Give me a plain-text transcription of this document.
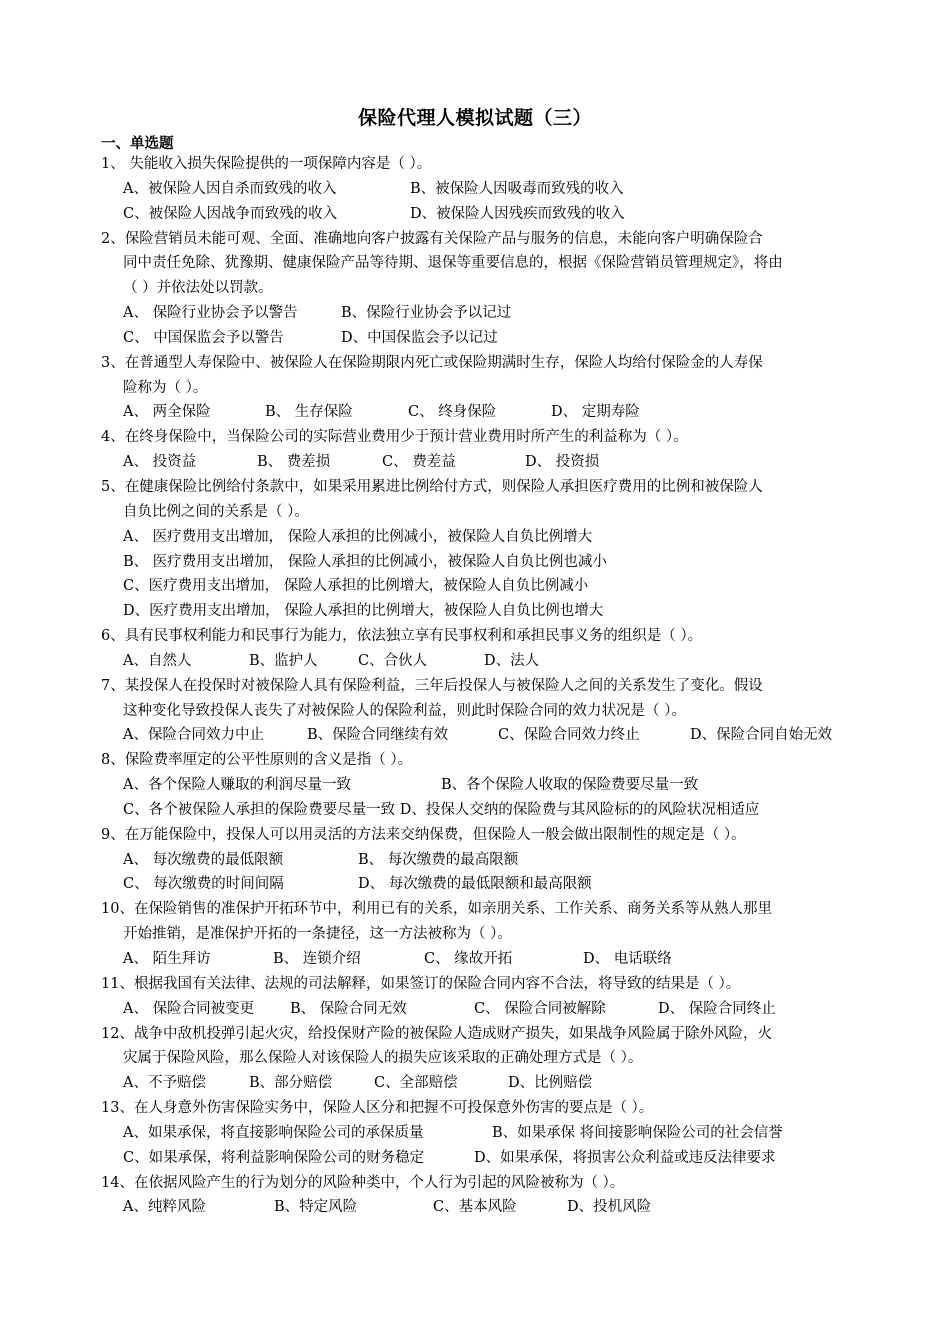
保险代理人模拟试题（三）
一、单选题
1、 失能收入损失保险提供的一项保障内容是（ ）。
A、被保险人因自杀而致残的收入	B、被保险人因吸毒而致残的收入
C、被保险人因战争而致残的收入	D、被保险人因残疾而致残的收入
2、保险营销员未能可观、全面、准确地向客户披露有关保险产品与服务的信息，未能向客户明确保险合
同中责任免除、犹豫期、健康保险产品等待期、退保等重要信息的，根据《保险营销员管理规定》，将由
（ ）并依法处以罚款。
A、 保险行业协会予以警告	B、保险行业协会予以记过
C、 中国保监会予以警告	D、中国保监会予以记过
3、在普通型人寿保险中、被保险人在保险期限内死亡或保险期满时生存，保险人均给付保险金的人寿保
险称为（ ）。
A、 两全保险	B、 生存保险	C、 终身保险	D、 定期寿险
4、在终身保险中，当保险公司的实际营业费用少于预计营业费用时所产生的利益称为（ ）。
A、 投资益	B、 费差损	C、 费差益	D、 投资损
5、在健康保险比例给付条款中，如果采用累进比例给付方式，则保险人承担医疗费用的比例和被保险人
自负比例之间的关系是（ ）。
A、 医疗费用支出增加， 保险人承担的比例减小，被保险人自负比例增大
B、 医疗费用支出增加， 保险人承担的比例减小，被保险人自负比例也减小
C、医疗费用支出增加， 保险人承担的比例增大，被保险人自负比例减小
D、医疗费用支出增加， 保险人承担的比例增大，被保险人自负比例也增大
6、具有民事权利能力和民事行为能力，依法独立享有民事权利和承担民事义务的组织是（ ）。
A、自然人	B、监护人	C、合伙人	D、法人
7、某投保人在投保时对被保险人具有保险利益，三年后投保人与被保险人之间的关系发生了变化。假设
这种变化导致投保人丧失了对被保险人的保险利益，则此时保险合同的效力状况是（ ）。
A、保险合同效力中止	B、保险合同继续有效	C、保险合同效力终止	D、保险合同自始无效
8、保险费率厘定的公平性原则的含义是指（ ）。
A、各个保险人赚取的利润尽量一致	B、各个保险人收取的保险费要尽量一致
C、各个被保险人承担的保险费要尽量一致 D、投保人交纳的保险费与其风险标的的风险状况相适应
9、在万能保险中，投保人可以用灵活的方法来交纳保费，但保险人一般会做出限制性的规定是（ ）。
A、 每次缴费的最低限额	B、 每次缴费的最高限额
C、 每次缴费的时间间隔	D、 每次缴费的最低限额和最高限额
10、在保险销售的准保护开拓环节中，利用已有的关系，如亲朋关系、工作关系、商务关系等从熟人那里
开始推销，是准保护开拓的一条捷径，这一方法被称为（ ）。
A、 陌生拜访	B、 连锁介绍	C、 缘故开拓	D、 电话联络
11、根据我国有关法律、法规的司法解释，如果签订的保险合同内容不合法，将导致的结果是（ ）。
A、 保险合同被变更 B、 保险合同无效	C、 保险合同被解除	D、 保险合同终止
12、战争中敌机投弹引起火灾，给投保财产险的被保险人造成财产损失，如果战争风险属于除外风险，火
灾属于保险风险，那么保险人对该保险人的损失应该采取的正确处理方式是（ ）。
A、不予赔偿	B、部分赔偿	C、全部赔偿	D、比例赔偿
13、在人身意外伤害保险实务中，保险人区分和把握不可投保意外伤害的要点是（ ）。
A、如果承保，将直接影响保险公司的承保质量	B、如果承保 将间接影响保险公司的社会信誉
C、如果承保，将利益影响保险公司的财务稳定	D、如果承保，将损害公众利益或违反法律要求
14、在依据风险产生的行为划分的风险种类中，个人行为引起的风险被称为（ ）。
A、纯粹风险	B、特定风险	C、基本风险	D、投机风险
